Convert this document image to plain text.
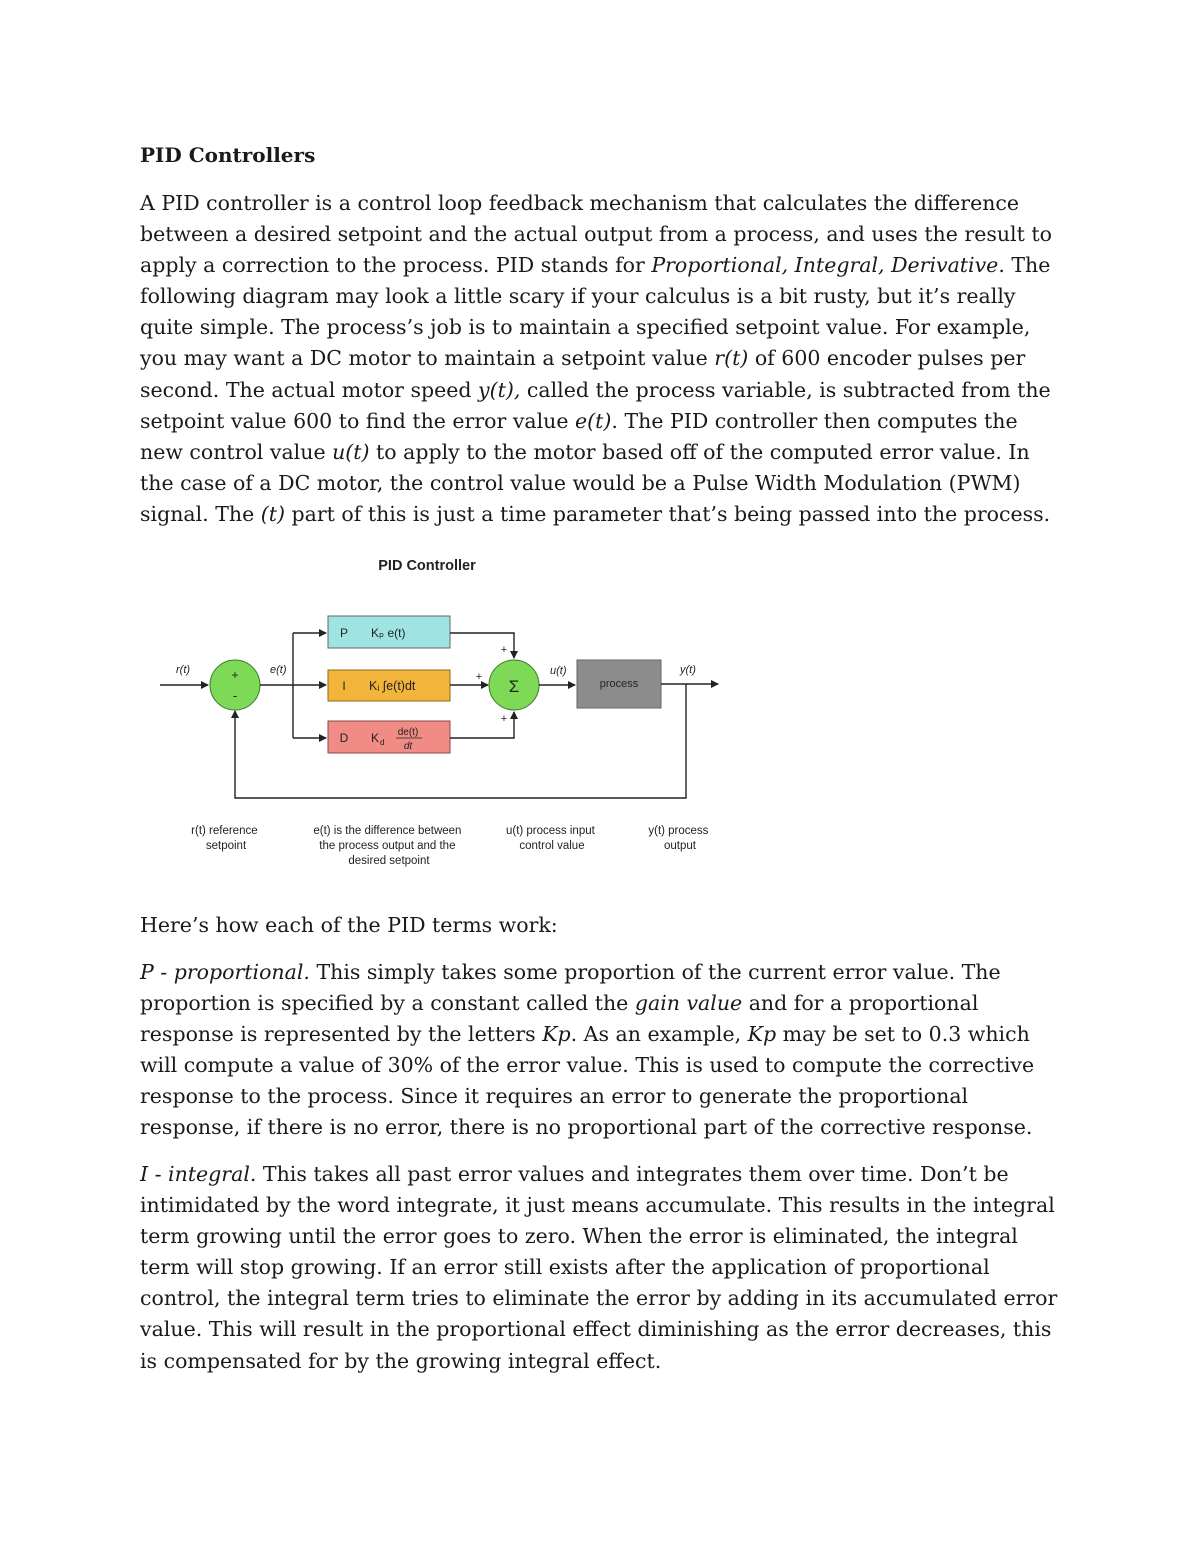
PID Controllers

A PID controller is a control loop feedback mechanism that calculates the difference between a desired setpoint and the actual output from a process, and uses the result to apply a correction to the process. PID stands for Proportional, Integral, Derivative. The following diagram may look a little scary if your calculus is a bit rusty, but it’s really quite simple. The process’s job is to maintain a specified setpoint value. For example, you may want a DC motor to maintain a setpoint value r(t) of 600 encoder pulses per second. The actual motor speed y(t), called the process variable, is subtracted from the setpoint value 600 to find the error value e(t). The PID controller then computes the new control value u(t) to apply to the motor based off of the computed error value. In the case of a DC motor, the control value would be a Pulse Width Modulation (PWM) signal. The (t) part of this is just a time parameter that’s being passed into the process.

PID Controller
r(t)	+
-
e(t)
P Kₚ e(t)
I Kᵢ ∫e(t)dt
D K d
de(t)
dt
Σ
+
+
+
u(t)
process
y(t)
r(t) reference setpoint
e(t) is the difference between the process output and the desired setpoint
u(t) process input control value
y(t) process output

Here’s how each of the PID terms work:

P - proportional. This simply takes some proportion of the current error value. The proportion is specified by a constant called the gain value and for a proportional response is represented by the letters Kp. As an example, Kp may be set to 0.3 which will compute a value of 30% of the error value. This is used to compute the corrective response to the process. Since it requires an error to generate the proportional response, if there is no error, there is no proportional part of the corrective response.

I - integral. This takes all past error values and integrates them over time. Don’t be intimidated by the word integrate, it just means accumulate. This results in the integral term growing until the error goes to zero. When the error is eliminated, the integral term will stop growing. If an error still exists after the application of proportional control, the integral term tries to eliminate the error by adding in its accumulated error value. This will result in the proportional effect diminishing as the error decreases, this is compensated for by the growing integral effect.
